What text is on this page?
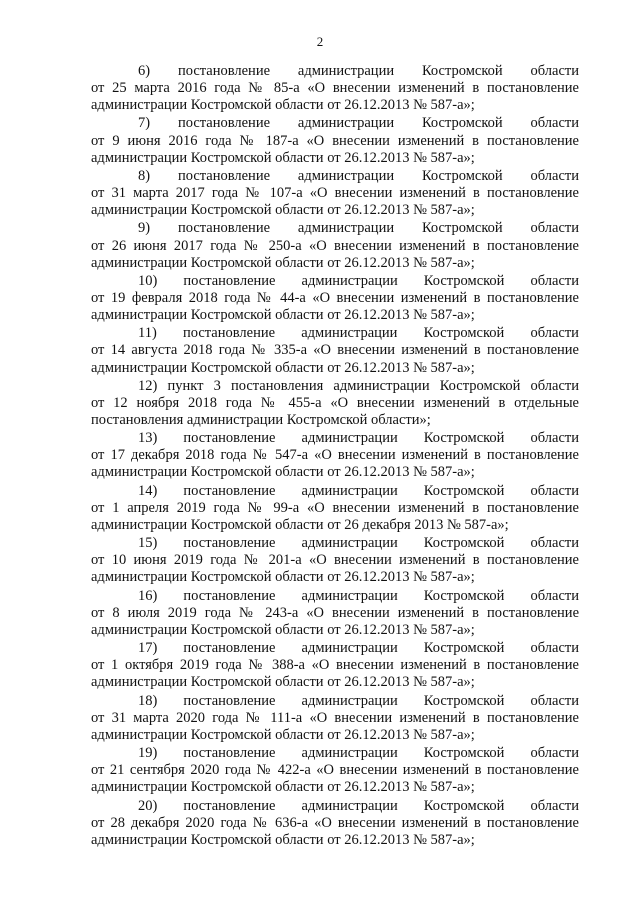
2
6) постановление администрации Костромской области
от 25 марта 2016 года № 85-а «О внесении изменений в постановление
администрации Костромской области от 26.12.2013 № 587-а»;
7) постановление администрации Костромской области
от 9 июня 2016 года № 187-а «О внесении изменений в постановление
администрации Костромской области от 26.12.2013 № 587-а»;
8) постановление администрации Костромской области
от 31 марта 2017 года № 107-а «О внесении изменений в постановление
администрации Костромской области от 26.12.2013 № 587-а»;
9) постановление администрации Костромской области
от 26 июня 2017 года № 250-а «О внесении изменений в постановление
администрации Костромской области от 26.12.2013 № 587-а»;
10) постановление администрации Костромской области
от 19 февраля 2018 года № 44-а «О внесении изменений в постановление
администрации Костромской области от 26.12.2013 № 587-а»;
11) постановление администрации Костромской области
от 14 августа 2018 года № 335-а «О внесении изменений в постановление
администрации Костромской области от 26.12.2013 № 587-а»;
12) пункт 3 постановления администрации Костромской области
от 12 ноября 2018 года № 455-а «О внесении изменений в отдельные
постановления администрации Костромской области»;
13) постановление администрации Костромской области
от 17 декабря 2018 года № 547-а «О внесении изменений в постановление
администрации Костромской области от 26.12.2013 № 587-а»;
14) постановление администрации Костромской области
от 1 апреля 2019 года № 99-а «О внесении изменений в постановление
администрации Костромской области от 26 декабря 2013 № 587-а»;
15) постановление администрации Костромской области
от 10 июня 2019 года № 201-а «О внесении изменений в постановление
администрации Костромской области от 26.12.2013 № 587-а»;
16) постановление администрации Костромской области
от 8 июля 2019 года № 243-а «О внесении изменений в постановление
администрации Костромской области от 26.12.2013 № 587-а»;
17) постановление администрации Костромской области
от 1 октября 2019 года № 388-а «О внесении изменений в постановление
администрации Костромской области от 26.12.2013 № 587-а»;
18) постановление администрации Костромской области
от 31 марта 2020 года № 111-а «О внесении изменений в постановление
администрации Костромской области от 26.12.2013 № 587-а»;
19) постановление администрации Костромской области
от 21 сентября 2020 года № 422-а «О внесении изменений в постановление
администрации Костромской области от 26.12.2013 № 587-а»;
20) постановление администрации Костромской области
от 28 декабря 2020 года № 636-а «О внесении изменений в постановление
администрации Костромской области от 26.12.2013 № 587-а»;
